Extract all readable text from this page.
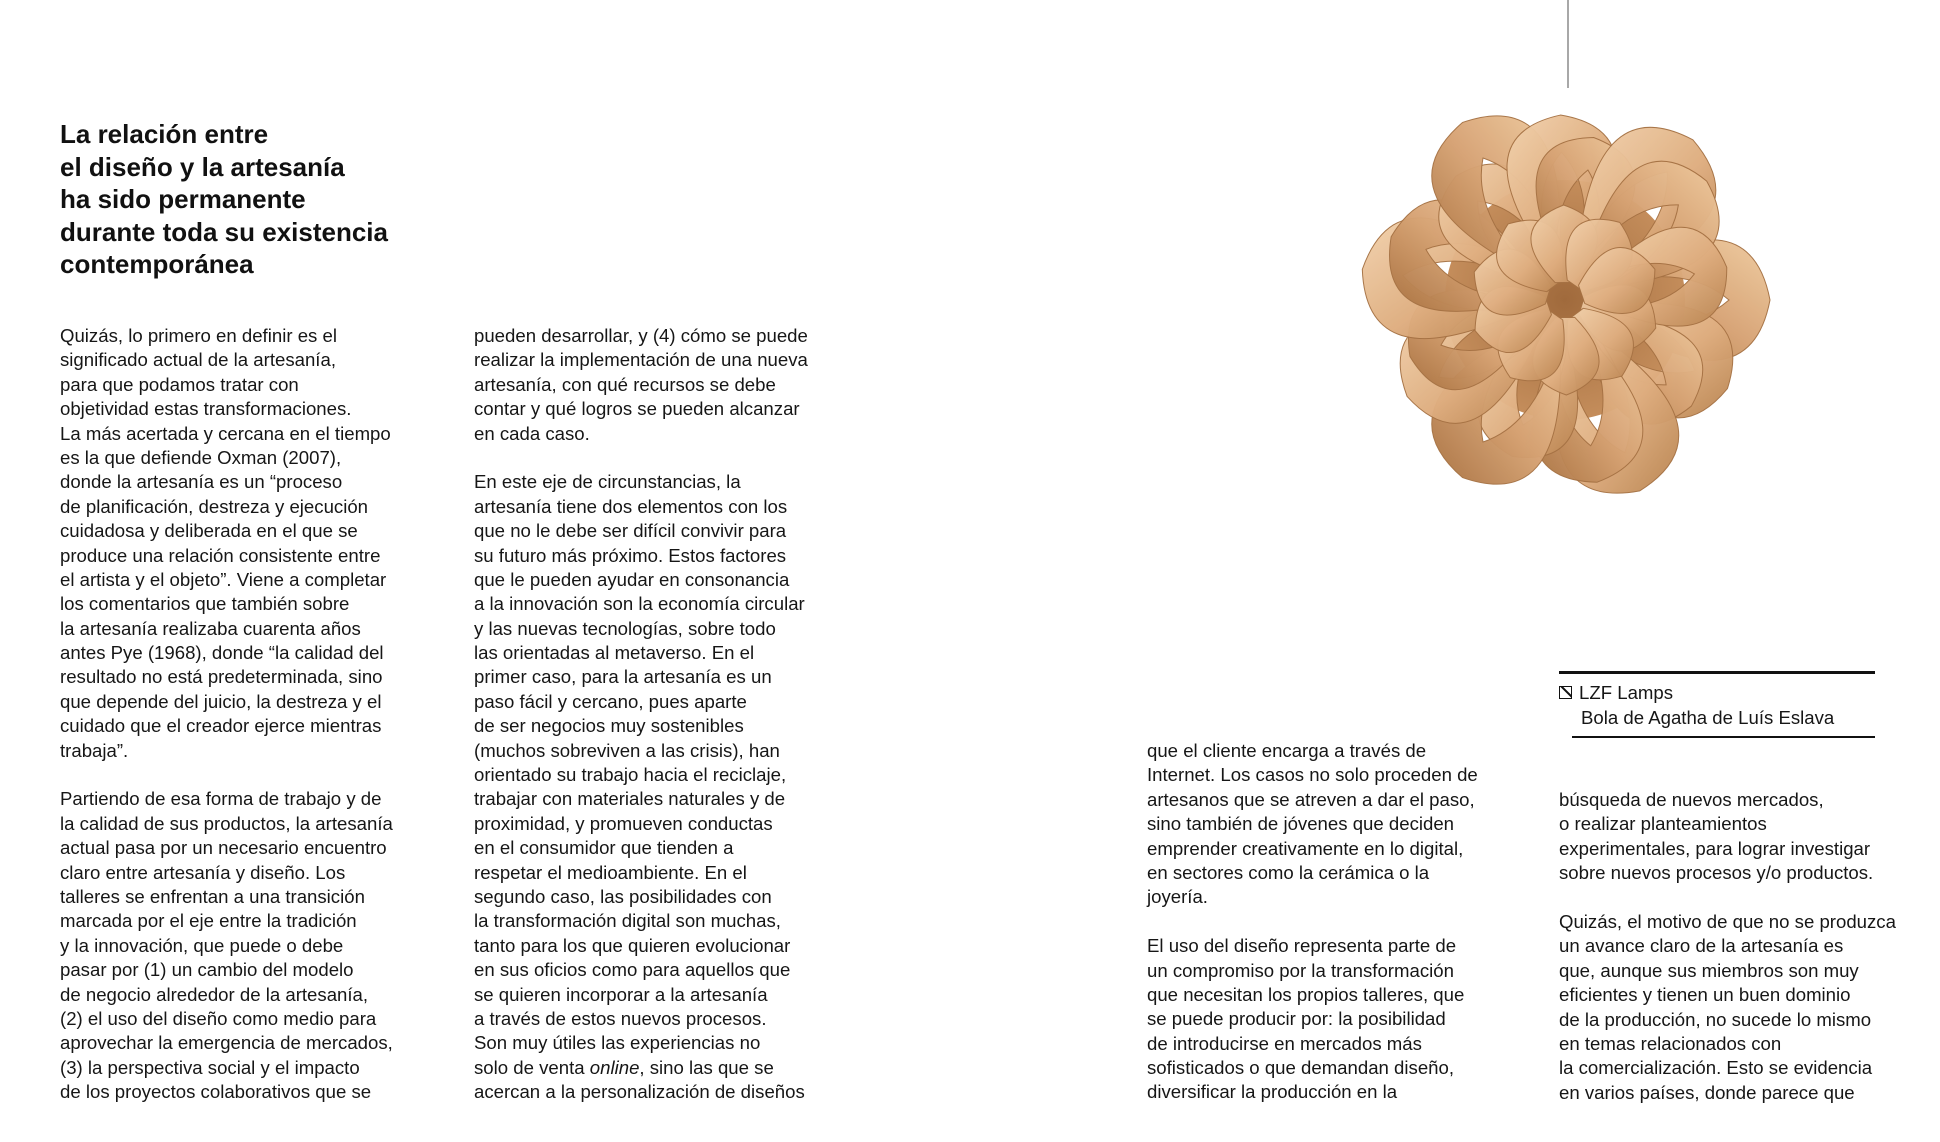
La relación entre
el diseño y la artesanía
ha sido permanente
durante toda su existencia
contemporánea
Quizás, lo primero en definir es el
significado actual de la artesanía,
para que podamos tratar con
objetividad estas transformaciones.
La más acertada y cercana en el tiempo
es la que defiende Oxman (2007),
donde la artesanía es un “proceso
de planificación, destreza y ejecución
cuidadosa y deliberada en el que se
produce una relación consistente entre
el artista y el objeto”. Viene a completar
los comentarios que también sobre
la artesanía realizaba cuarenta años
antes Pye (1968), donde “la calidad del
resultado no está predeterminada, sino
que depende del juicio, la destreza y el
cuidado que el creador ejerce mientras
trabaja”.
Partiendo de esa forma de trabajo y de
la calidad de sus productos, la artesanía
actual pasa por un necesario encuentro
claro entre artesanía y diseño. Los
talleres se enfrentan a una transición
marcada por el eje entre la tradición
y la innovación, que puede o debe
pasar por (1) un cambio del modelo
de negocio alrededor de la artesanía,
(2) el uso del diseño como medio para
aprovechar la emergencia de mercados,
(3) la perspectiva social y el impacto
de los proyectos colaborativos que se
pueden desarrollar, y (4) cómo se puede
realizar la implementación de una nueva
artesanía, con qué recursos se debe
contar y qué logros se pueden alcanzar
en cada caso.
En este eje de circunstancias, la
artesanía tiene dos elementos con los
que no le debe ser difícil convivir para
su futuro más próximo. Estos factores
que le pueden ayudar en consonancia
a la innovación son la economía circular
y las nuevas tecnologías, sobre todo
las orientadas al metaverso. En el
primer caso, para la artesanía es un
paso fácil y cercano, pues aparte
de ser negocios muy sostenibles
(muchos sobreviven a las crisis), han
orientado su trabajo hacia el reciclaje,
trabajar con materiales naturales y de
proximidad, y promueven conductas
en el consumidor que tienden a
respetar el medioambiente. En el
segundo caso, las posibilidades con
la transformación digital son muchas,
tanto para los que quieren evolucionar
en sus oficios como para aquellos que
se quieren incorporar a la artesanía
a través de estos nuevos procesos.
Son muy útiles las experiencias no
solo de venta online, sino las que se
acercan a la personalización de diseños
LZF Lamps
Bola de Agatha de Luís Eslava
que el cliente encarga a través de
Internet. Los casos no solo proceden de
artesanos que se atreven a dar el paso,
sino también de jóvenes que deciden
emprender creativamente en lo digital,
en sectores como la cerámica o la
joyería.
El uso del diseño representa parte de
un compromiso por la transformación
que necesitan los propios talleres, que
se puede producir por: la posibilidad
de introducirse en mercados más
sofisticados o que demandan diseño,
diversificar la producción en la
búsqueda de nuevos mercados,
o realizar planteamientos
experimentales, para lograr investigar
sobre nuevos procesos y/o productos.
Quizás, el motivo de que no se produzca
un avance claro de la artesanía es
que, aunque sus miembros son muy
eficientes y tienen un buen dominio
de la producción, no sucede lo mismo
en temas relacionados con
la comercialización. Esto se evidencia
en varios países, donde parece que
